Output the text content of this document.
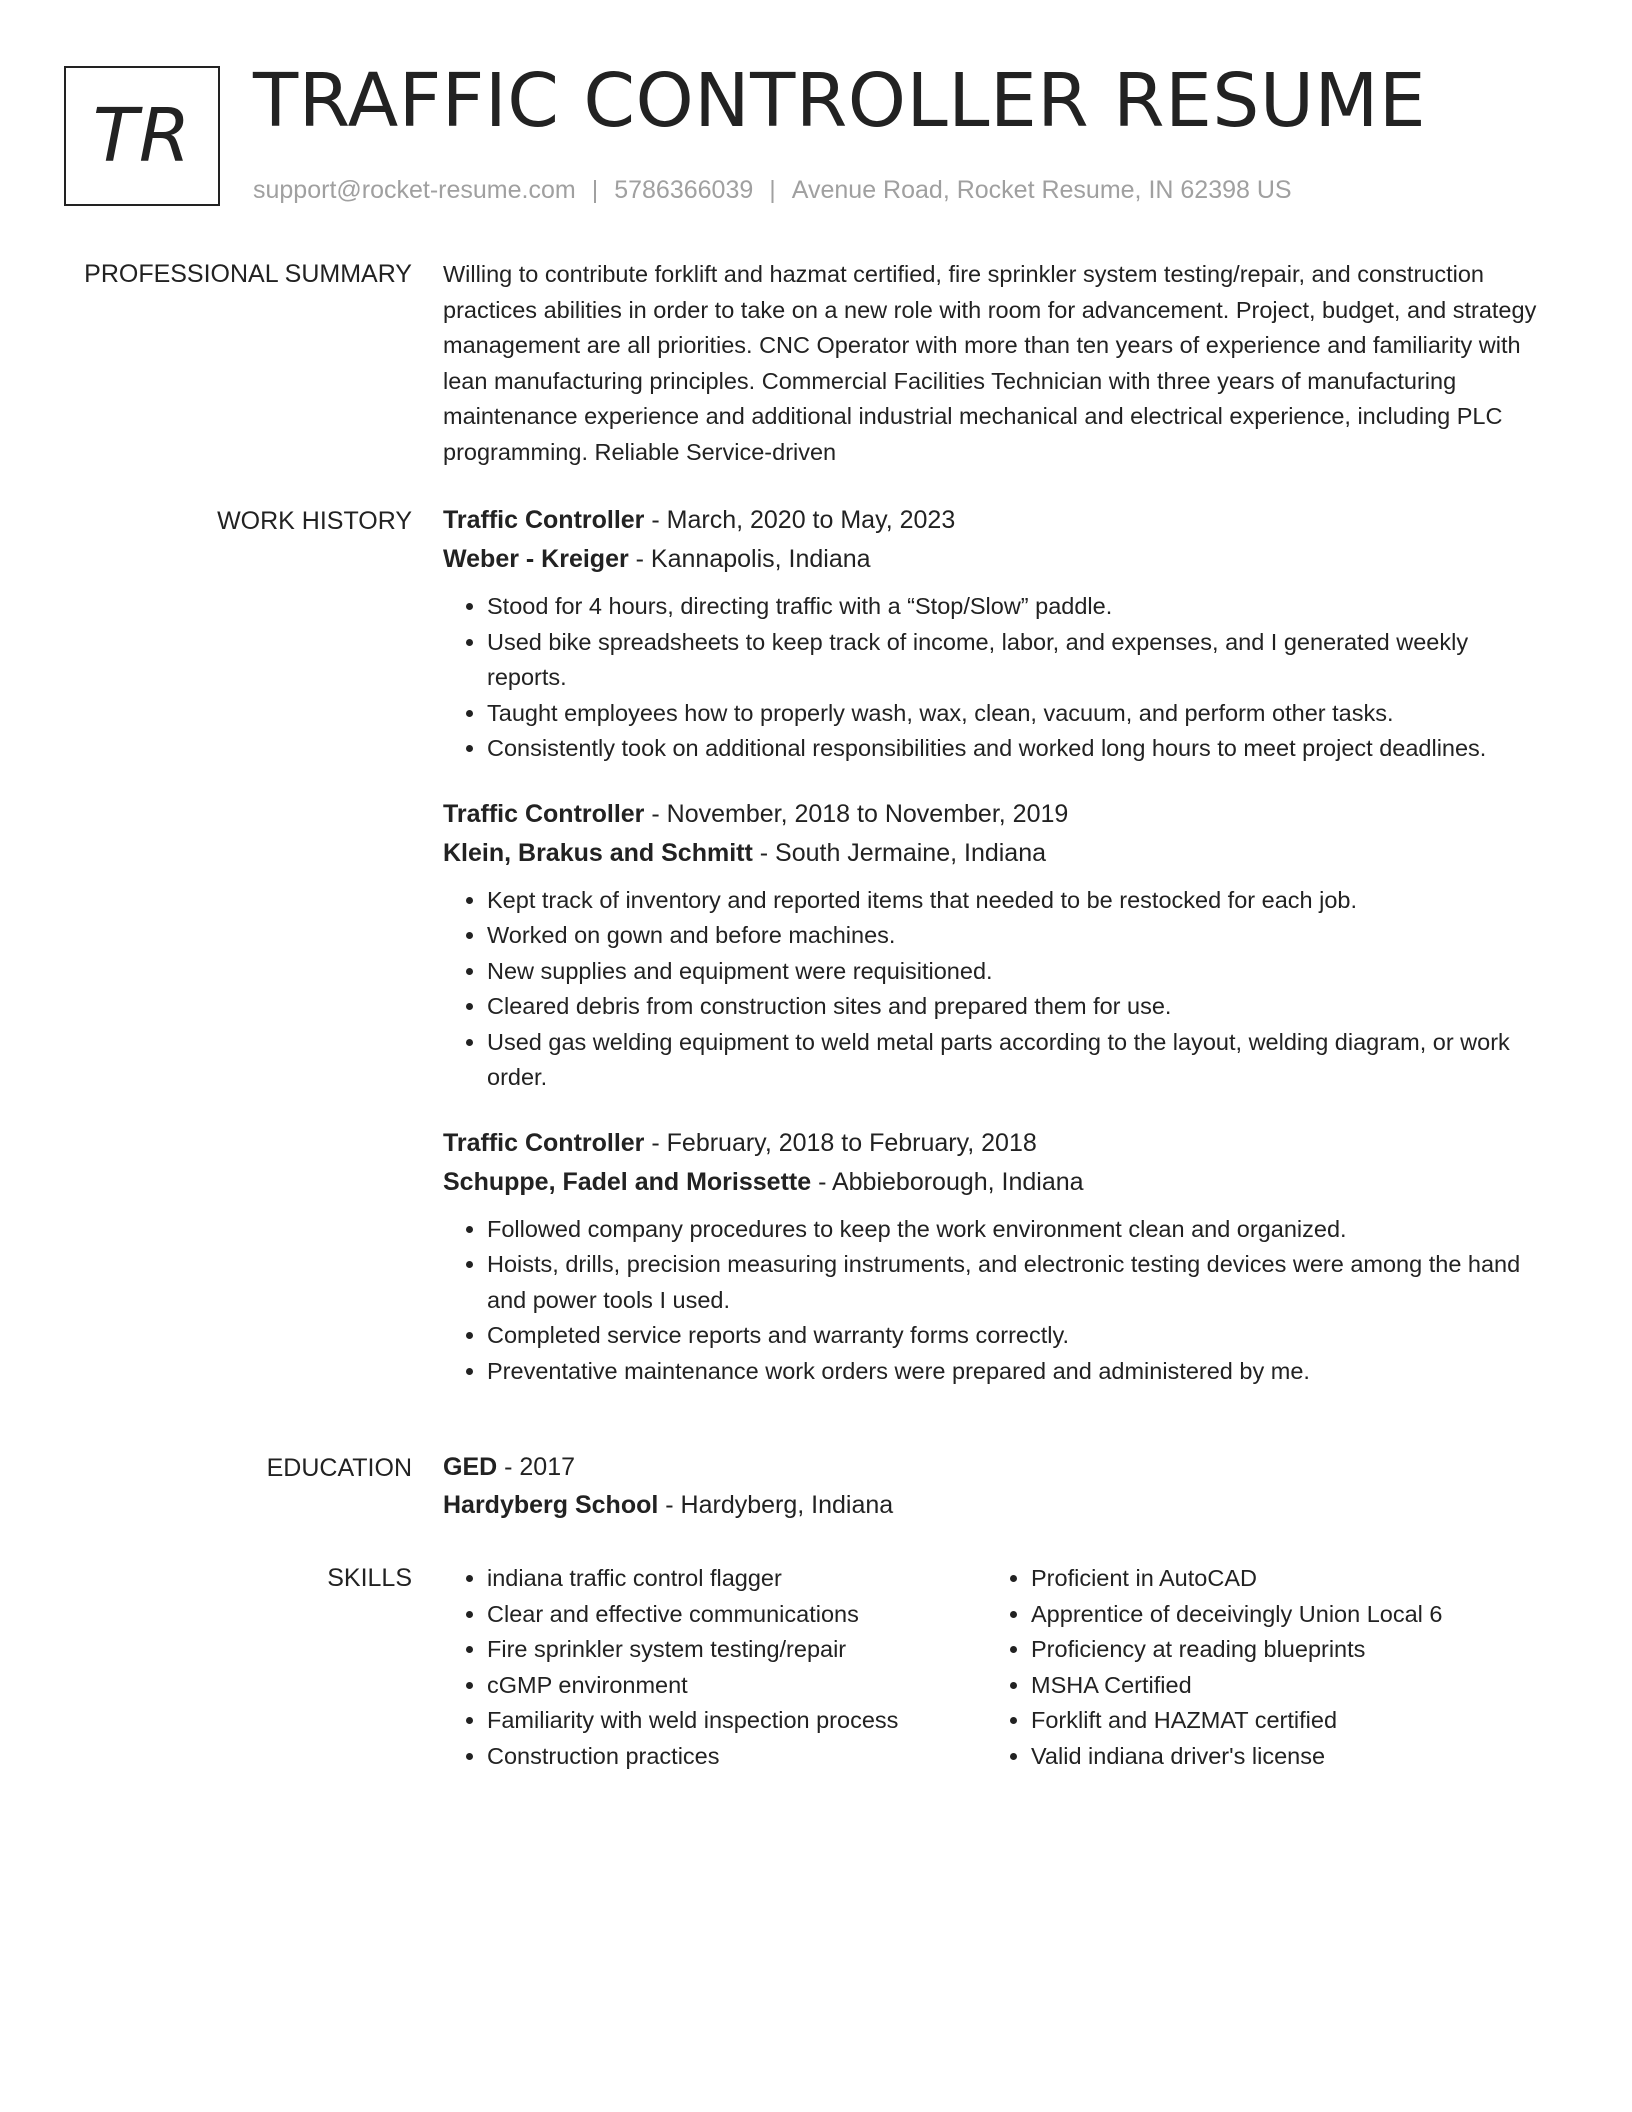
TR TRAFFIC CONTROLLER RESUME
support@rocket-resume.com | 5786366039 | Avenue Road, Rocket Resume, IN 62398 US
PROFESSIONAL SUMMARY Willing to contribute forklift and hazmat certified, fire sprinkler system testing/repair, and construction practices abilities in order to take on a new role with room for advancement. Project, budget, and strategy management are all priorities. CNC Operator with more than ten years of experience and familiarity with lean manufacturing principles. Commercial Facilities Technician with three years of manufacturing maintenance experience and additional industrial mechanical and electrical experience, including PLC programming. Reliable Service-driven

WORK HISTORY Traffic Controller - March, 2020 to May, 2023
Weber - Kreiger - Kannapolis, Indiana
• Stood for 4 hours, directing traffic with a “Stop/Slow” paddle.
• Used bike spreadsheets to keep track of income, labor, and expenses, and I generated weekly reports.
• Taught employees how to properly wash, wax, clean, vacuum, and perform other tasks.
• Consistently took on additional responsibilities and worked long hours to meet project deadlines.
Traffic Controller - November, 2018 to November, 2019
Klein, Brakus and Schmitt - South Jermaine, Indiana
• Kept track of inventory and reported items that needed to be restocked for each job.
• Worked on gown and before machines.
• New supplies and equipment were requisitioned.
• Cleared debris from construction sites and prepared them for use.
• Used gas welding equipment to weld metal parts according to the layout, welding diagram, or work order.
Traffic Controller - February, 2018 to February, 2018
Schuppe, Fadel and Morissette - Abbieborough, Indiana
• Followed company procedures to keep the work environment clean and organized.
• Hoists, drills, precision measuring instruments, and electronic testing devices were among the hand and power tools I used.
• Completed service reports and warranty forms correctly.
• Preventative maintenance work orders were prepared and administered by me.
EDUCATION GED - 2017
Hardyberg School - Hardyberg, Indiana
SKILLS
•	indiana traffic control flagger
• Clear and effective communications
• Fire sprinkler system testing/repair
• cGMP environment
• Familiarity with weld inspection process
• Construction practices
• Proficient in AutoCAD
• Apprentice of deceivingly Union Local 6
• Proficiency at reading blueprints
• MSHA Certified
• Forklift and HAZMAT certified
• Valid indiana driver's license
